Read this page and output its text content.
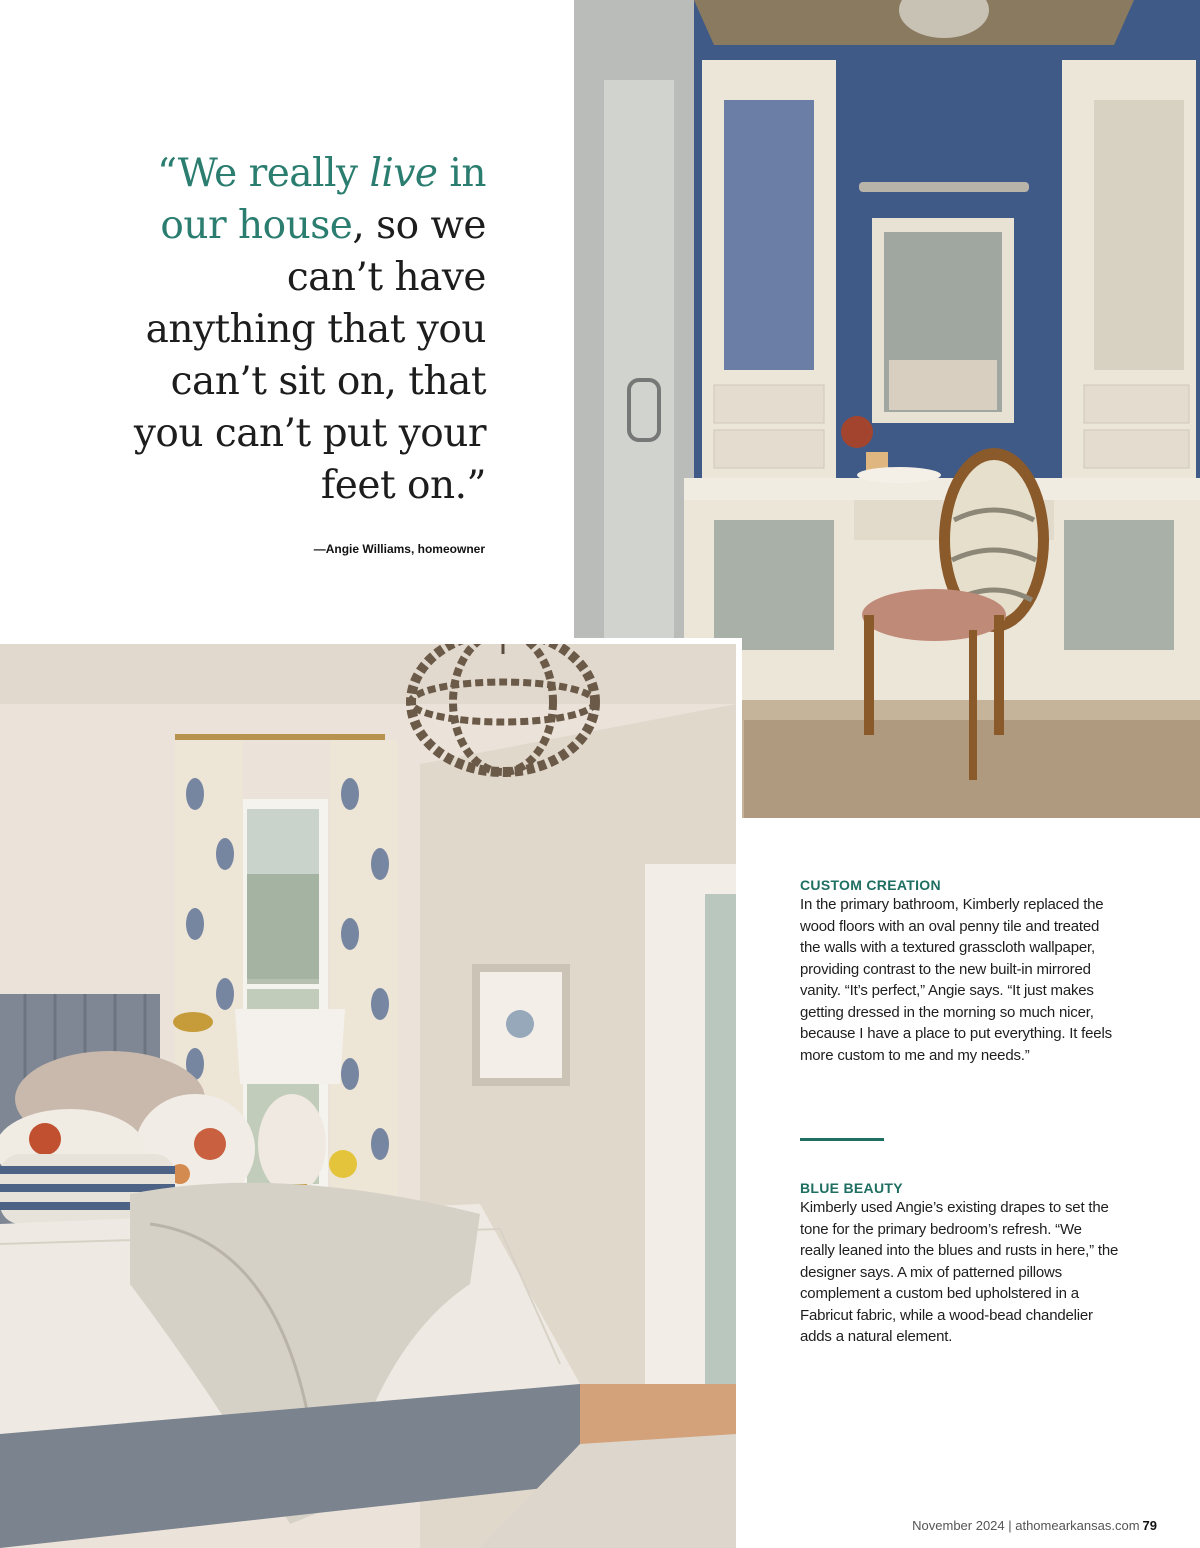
“We really live in our house, so we can’t have anything that you can’t sit on, that you can’t put your feet on.”
—Angie Williams, homeowner
CUSTOM CREATION

In the primary bathroom, Kimberly replaced the wood floors with an oval penny tile and treated the walls with a textured grasscloth wallpaper, providing contrast to the new built-in mirrored vanity. “It’s perfect,” Angie says. “It just makes getting dressed in the morning so much nicer, because I have a place to put everything. It feels more custom to me and my needs.”

BLUE BEAUTY

Kimberly used Angie’s existing drapes to set the tone for the primary bedroom’s refresh. “We really leaned into the blues and rusts in here,” the designer says. A mix of patterned pillows complement a custom bed upholstered in a Fabricut fabric, while a wood-bead chandelier adds a natural element.

November 2024 | athomearkansas.com 79
